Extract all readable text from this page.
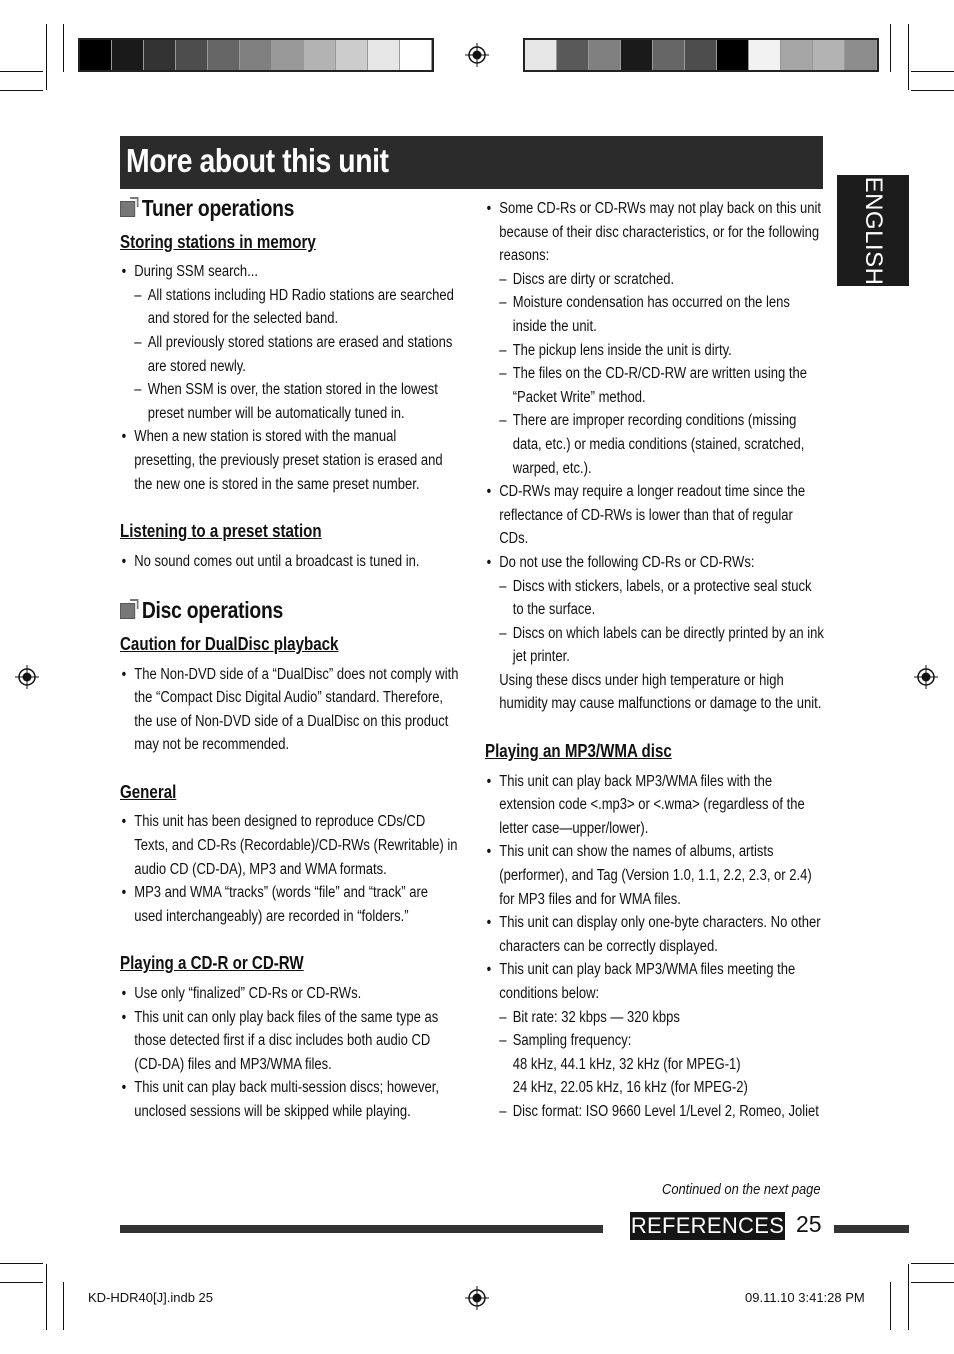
More about this unit
ENGLISH
Tuner operations
Storing stations in memory
• During SSM search...
– All stations including HD Radio stations are searched and stored for the selected band.
– All previously stored stations are erased and stations are stored newly.
– When SSM is over, the station stored in the lowest preset number will be automatically tuned in.
• When a new station is stored with the manual presetting, the previously preset station is erased and the new one is stored in the same preset number.
Listening to a preset station
• No sound comes out until a broadcast is tuned in.
Disc operations
Caution for DualDisc playback
• The Non-DVD side of a “DualDisc” does not comply with the “Compact Disc Digital Audio” standard. Therefore, the use of Non-DVD side of a DualDisc on this product may not be recommended.
General
• This unit has been designed to reproduce CDs/CD Texts, and CD-Rs (Recordable)/CD-RWs (Rewritable) in audio CD (CD-DA), MP3 and WMA formats.
• MP3 and WMA “tracks” (words “file” and “track” are used interchangeably) are recorded in “folders.”
Playing a CD-R or CD-RW
• Use only “finalized” CD-Rs or CD-RWs.
• This unit can only play back files of the same type as those detected first if a disc includes both audio CD (CD-DA) files and MP3/WMA files.
• This unit can play back multi-session discs; however, unclosed sessions will be skipped while playing.
• Some CD-Rs or CD-RWs may not play back on this unit because of their disc characteristics, or for the following reasons:
– Discs are dirty or scratched.
– Moisture condensation has occurred on the lens inside the unit.
– The pickup lens inside the unit is dirty.
– The files on the CD-R/CD-RW are written using the “Packet Write” method.
– There are improper recording conditions (missing data, etc.) or media conditions (stained, scratched, warped, etc.).
• CD-RWs may require a longer readout time since the reflectance of CD-RWs is lower than that of regular CDs.
• Do not use the following CD-Rs or CD-RWs:
– Discs with stickers, labels, or a protective seal stuck to the surface.
– Discs on which labels can be directly printed by an ink jet printer.
Using these discs under high temperature or high humidity may cause malfunctions or damage to the unit.
Playing an MP3/WMA disc
• This unit can play back MP3/WMA files with the extension code <.mp3> or <.wma> (regardless of the letter case—upper/lower).
• This unit can show the names of albums, artists (performer), and Tag (Version 1.0, 1.1, 2.2, 2.3, or 2.4) for MP3 files and for WMA files.
• This unit can display only one-byte characters. No other characters can be correctly displayed.
• This unit can play back MP3/WMA files meeting the conditions below:
– Bit rate: 32 kbps — 320 kbps
– Sampling frequency:
48 kHz, 44.1 kHz, 32 kHz (for MPEG-1)
24 kHz, 22.05 kHz, 16 kHz (for MPEG-2)
– Disc format: ISO 9660 Level 1/Level 2, Romeo, Joliet
Continued on the next page
REFERENCES 25
KD-HDR40[J].indb 25	09.11.10 3:41:28 PM
